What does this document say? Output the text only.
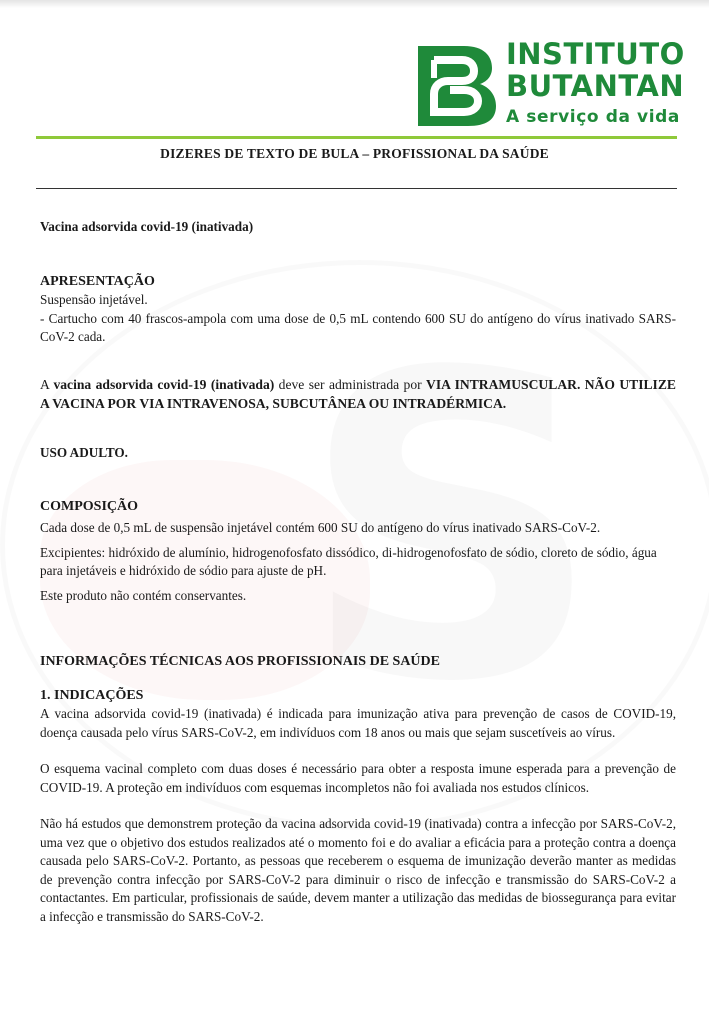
INSTITUTO
BUTANTAN
A serviço da vida
DIZERES DE TEXTO DE BULA – PROFISSIONAL DA SAÚDE
Vacina adsorvida covid-19 (inativada)
APRESENTAÇÃO

Suspensão injetável.

- Cartucho com 40 frascos-ampola com uma dose de 0,5 mL contendo 600 SU do antígeno do vírus inativado SARS-CoV-2 cada.

A vacina adsorvida covid-19 (inativada) deve ser administrada por VIA INTRAMUSCULAR. NÃO UTILIZE A VACINA POR VIA INTRAVENOSA, SUBCUTÂNEA OU INTRADÉRMICA.

USO ADULTO.
COMPOSIÇÃO

Cada dose de 0,5 mL de suspensão injetável contém 600 SU do antígeno do vírus inativado SARS-CoV-2.

Excipientes: hidróxido de alumínio, hidrogenofosfato dissódico, di-hidrogenofosfato de sódio, cloreto de sódio, água para injetáveis e hidróxido de sódio para ajuste de pH.

Este produto não contém conservantes.

INFORMAÇÕES TÉCNICAS AOS PROFISSIONAIS DE SAÚDE
1. INDICAÇÕES

A vacina adsorvida covid-19 (inativada) é indicada para imunização ativa para prevenção de casos de COVID-19, doença causada pelo vírus SARS-CoV-2, em indivíduos com 18 anos ou mais que sejam suscetíveis ao vírus.

O esquema vacinal completo com duas doses é necessário para obter a resposta imune esperada para a prevenção de COVID-19. A proteção em indivíduos com esquemas incompletos não foi avaliada nos estudos clínicos.

Não há estudos que demonstrem proteção da vacina adsorvida covid-19 (inativada) contra a infecção por SARS-CoV-2, uma vez que o objetivo dos estudos realizados até o momento foi e do avaliar a eficácia para a proteção contra a doença causada pelo SARS-CoV-2. Portanto, as pessoas que receberem o esquema de imunização deverão manter as medidas de prevenção contra infecção por SARS-CoV-2 para diminuir o risco de infecção e transmissão do SARS-CoV-2 a contactantes. Em particular, profissionais de saúde, devem manter a utilização das medidas de biossegurança para evitar a infecção e transmissão do SARS-CoV-2.
